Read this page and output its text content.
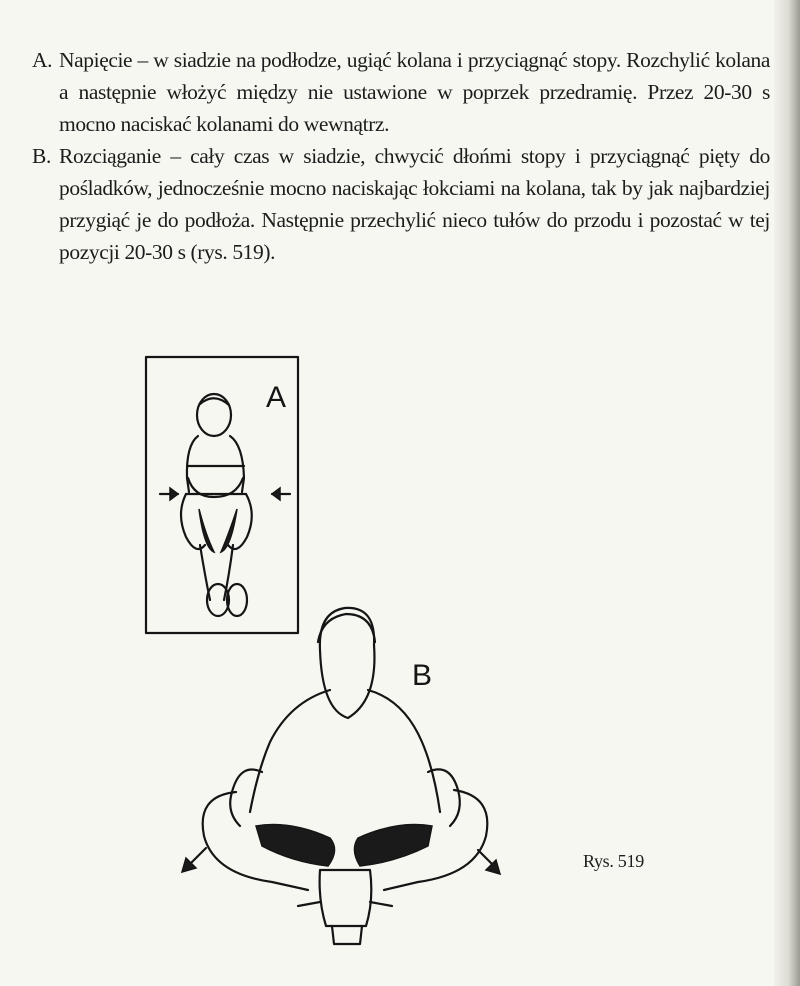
A. Napięcie – w siadzie na podłodze, ugiąć kolana i przyciągnąć stopy. Rozchylić kolana a następnie włożyć między nie ustawione w poprzek przedramię. Przez 20-30 s mocno naciskać kolanami do wewnątrz.

B. Rozciąganie – cały czas w siadzie, chwycić dłońmi stopy i przyciągnąć pięty do pośladków, jednocześnie mocno naciskając łokciami na kolana, tak by jak najbardziej przygiąć je do podłoża. Następnie przechylić nieco tułów do przodu i pozostać w tej pozycji 20-30 s (rys. 519).

A
B
Rys. 519
